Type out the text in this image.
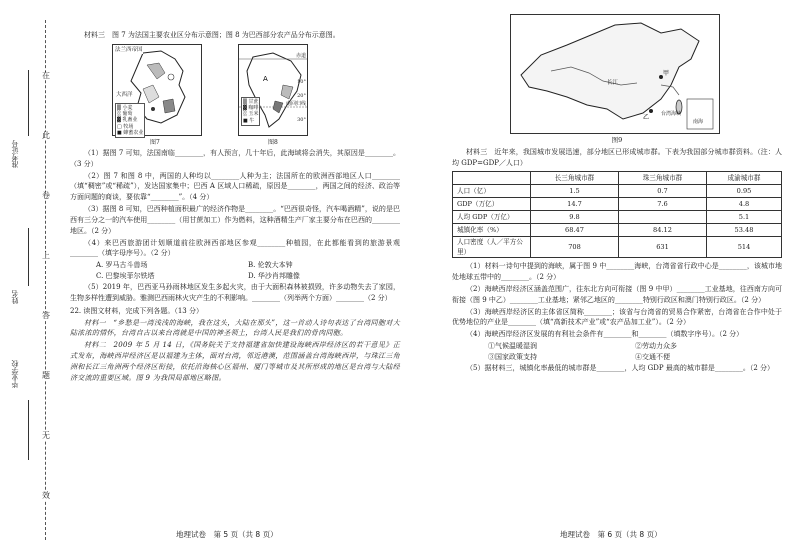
在
此
卷
上
答
题
无
效
毕业学校
姓名
准考证号

材料三　图 7 为法国主要农业区分布示意图；图 8 为巴西部分农产品分布示意图。

法兰西帝国
大西洋
▒ 小麦
░ 葡萄
▓ 乳畜业
□ 牧场
■ 蜂蜜农业
图7
A
赤道
10°
20°
30°
南回归线
▒ 甘蔗
▓ 咖啡
░ 玉米
■ 牛
图8

（1）据图 7 可知，法国南临________，有人预言，几十年后，此海域将会消失，其原因是________。（3 分）

（2）图 7 和图 8 中，两国的人种均以________人种为主；法国所在的欧洲西部地区人口________（填“稠密”或“稀疏”），发达国家集中；巴西 A 区域人口稀疏，原因是________，两国之间的经济、政治等方面问题的商谈，要依靠“________”。（4 分）

（3）据图 8 可知，巴西种植面积最广的经济作物是________。“巴西很奇怪，汽车喝酒精”，说的是巴西有三分之一的汽车使用________（用甘蔗加工）作为燃料，这种酒精生产厂家主要分布在巴西的________地区。（2 分）

（4）来巴西旅游团计划顺道前往欧洲西部地区参观________种植园，在此都能看到的旅游景观________（填字母序号）。（2 分）

A. 罗马古斗兽场	B. 伦敦大本钟
C. 巴黎埃菲尔铁塔	D. 华沙肖邦雕像

（5）2019 年，巴西亚马孙雨林地区发生多起火灾，由于大面积森林被损毁，许多动物失去了家园，生物多样性遭到威胁。雅测巴西雨林火灾产生的不利影响。________（列举两个方面）________（2 分）

22. 读图文材料，完成下列各题。（13 分）

材料一　“乡愁是一湾浅浅的海峡，我在这头，大陆在那头”，这一首动人诗句表达了台湾同胞对大陆浓浓的情怀，台湾自古以来台湾就是中国的神圣领土，台湾人民是我们的骨肉同胞。

材料二　2009 年 5 月 14 日，《国务院关于支持福建省加快建设海峡西岸经济区的若干意见》正式发布，海峡西岸经济区是以福建为主体，面对台湾，邻近港澳，范围涵盖台湾海峡西岸，与珠江三角洲和长江三角洲两个经济区衔接，依托沿海核心区福州、厦门等城市及其所形成的地区是台湾与大陆经济交流的重要区域。图 9 为我国局部地区略图。

地理试卷　第 5 页（共 8 页）
甲
乙
长江
台湾海峡
南海
图9

材料三　近年来，我国城市发展迅速，部分地区已形成城市群。下表为我国部分城市群资料。（注：人均 GDP=GDP／人口）

	长三角城市群	珠三角城市群	成渝城市群
人口（亿）	1.5	0.7	0.95
GDP（万亿）	14.7	7.6	4.8
人均 GDP（万亿）	9.8		5.1
城镇化率（%）	68.47	84.12	53.48
人口密度（人／平方公里）	708	631	514

（1）材料一诗句中提到的海峡，属于图 9 中________海峡，台湾省省行政中心是________，该城市地处地球五带中的________。（2 分）

（2）海峡西岸经济区涵盖范围广，往东北方向可衔接（图 9 中甲）________工业基地，往西南方向可衔接（图 9 中乙）________工业基地；紧邻乙地区的________特别行政区和澳门特别行政区。（2 分）

（3）海峡西岸经济区的主体省区简称________；该省与台湾省的贸易合作紧密，台湾省在合作中处于优势地位的产业是________（填“高新技术产业”或“农产品加工业”）。（2 分）

（4）海峡西岸经济区发展的有利社会条件有________和________（填数字序号）。（2 分）

①气候温暖湿润	②劳动力众多
③国家政策支持	④交通不便

（5）据材料三，城镇化率最低的城市群是________，人均 GDP 最高的城市群是________。（2 分）

地理试卷　第 6 页（共 8 页）
